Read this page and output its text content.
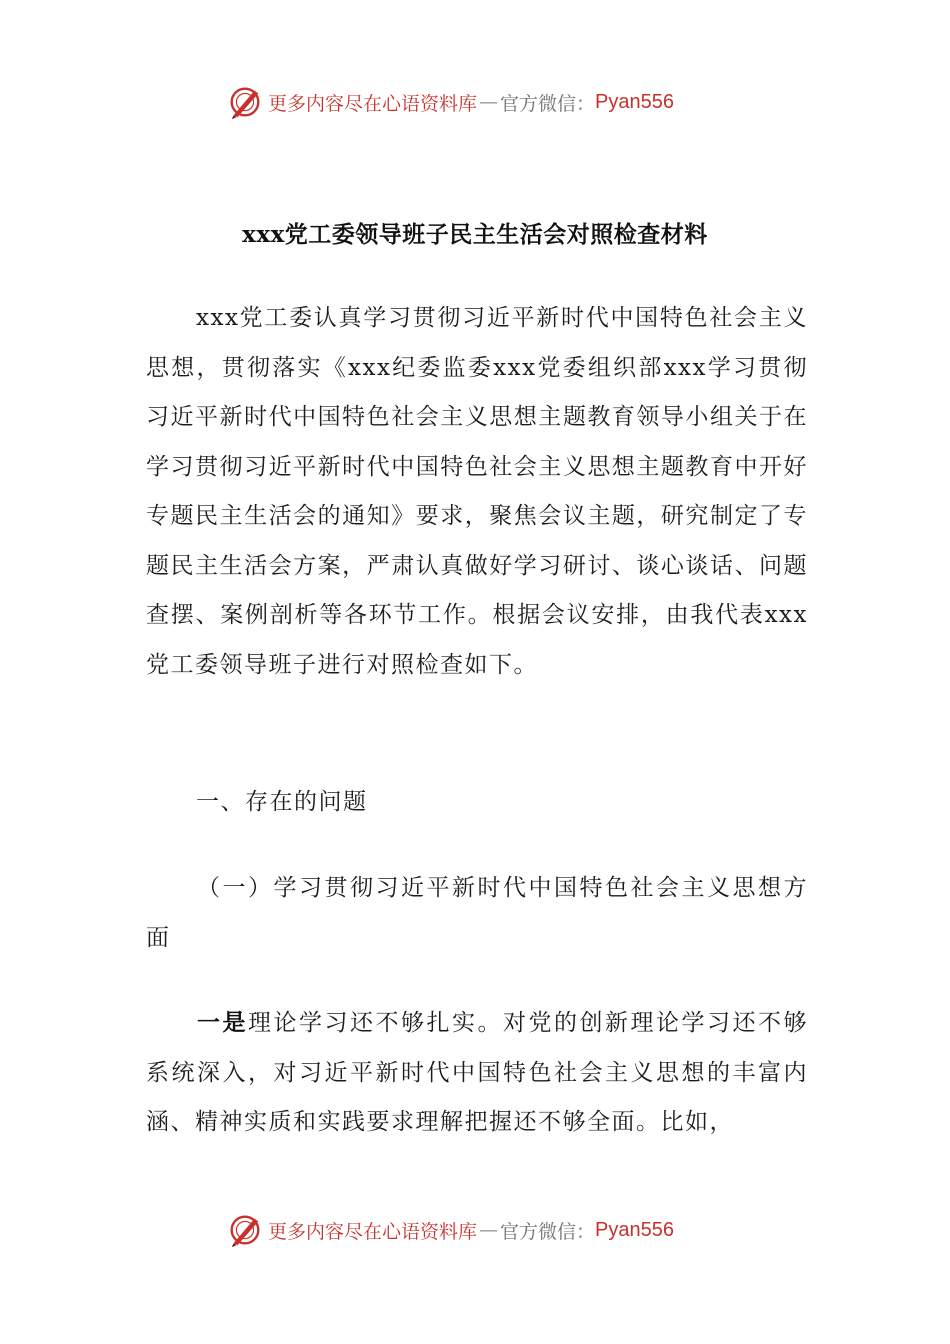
更多内容尽在心语资料库 — 官方微信： Pyan556
xxx党工委领导班子民主生活会对照检查材料

xxx党工委认真学习贯彻习近平新时代中国特色社会主义思想，贯彻落实《xxx纪委监委xxx党委组织部xxx学习贯彻习近平新时代中国特色社会主义思想主题教育领导小组关于在学习贯彻习近平新时代中国特色社会主义思想主题教育中开好专题民主生活会的通知》要求，聚焦会议主题，研究制定了专题民主生活会方案，严肃认真做好学习研讨、谈心谈话、问题查摆、案例剖析等各环节工作。根据会议安排，由我代表xxx党工委领导班子进行对照检查如下。

一、存在的问题

（一）学习贯彻习近平新时代中国特色社会主义思想方面

一是理论学习还不够扎实。对党的创新理论学习还不够系统深入，对习近平新时代中国特色社会主义思想的丰富内涵、精神实质和实践要求理解把握还不够全面。比如，

更多内容尽在心语资料库 — 官方微信： Pyan556
